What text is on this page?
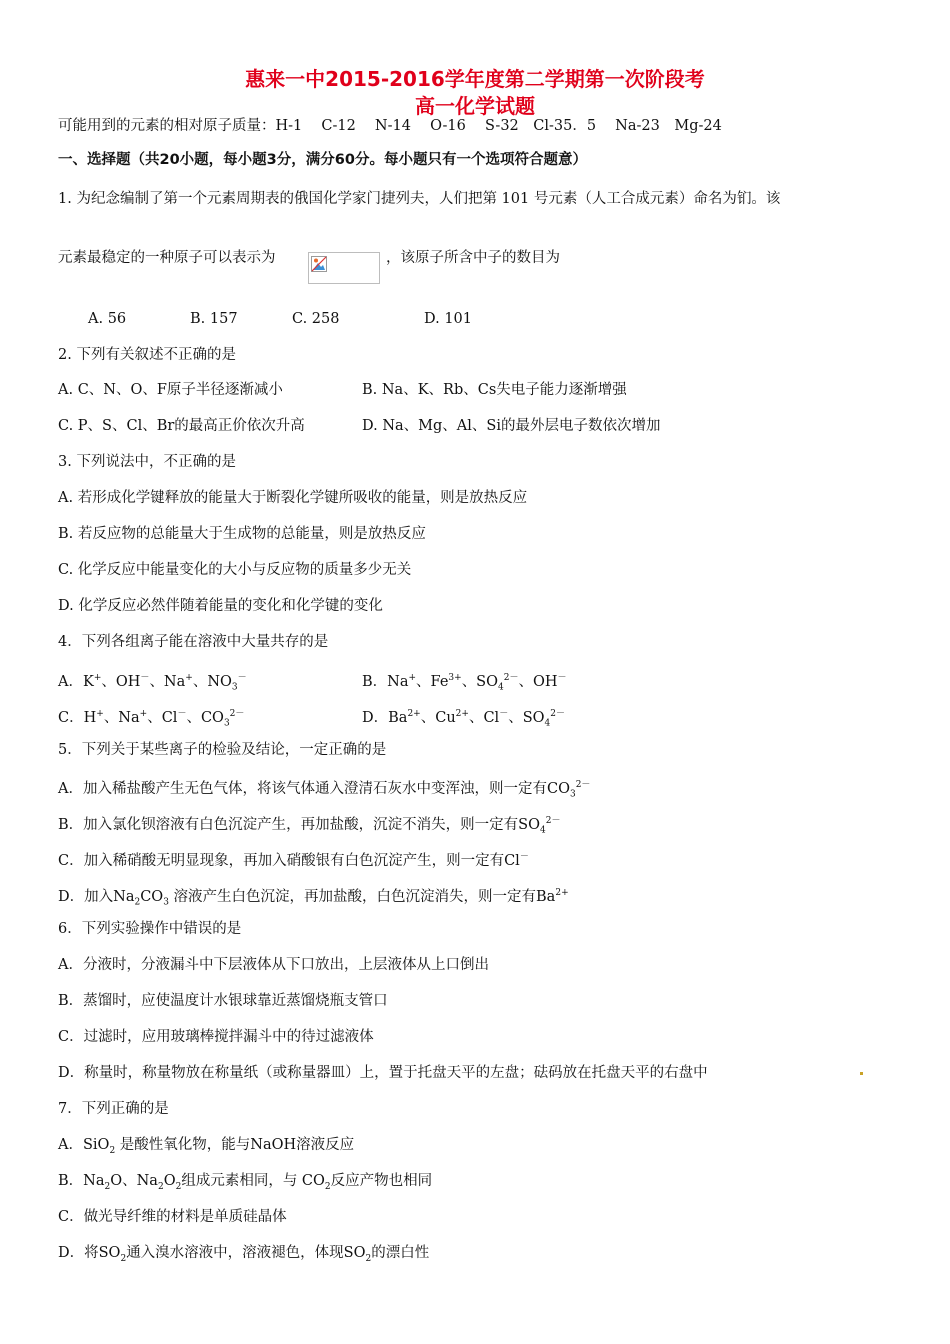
惠来一中2015-2016学年度第二学期第一次阶段考
高一化学试题
可能用到的元素的相对原子质量：H-1　 C-12　 N-14　 O-16　 S-32　Cl-35．5　 Na-23　Mg-24
一、选择题（共20小题，每小题3分，满分60分。每小题只有一个选项符合题意）
1. 为纪念编制了第一个元素周期表的俄国化学家门捷列夫，人们把第 101 号元素（人工合成元素）命名为钔。该
元素最稳定的一种原子可以表示为	，该原子所含中子的数目为
A. 56	B. 157	C. 258	D. 101
2. 下列有关叙述不正确的是
A. C、N、O、F原子半径逐渐减小	B. Na、K、Rb、Cs失电子能力逐渐增强
C. P、S、Cl、Br的最高正价依次升高	D. Na、Mg、Al、Si的最外层电子数依次增加
3. 下列说法中，不正确的是
A. 若形成化学键释放的能量大于断裂化学键所吸收的能量，则是放热反应
B. 若反应物的总能量大于生成物的总能量，则是放热反应
C. 化学反应中能量变化的大小与反应物的质量多少无关
D. 化学反应必然伴随着能量的变化和化学键的变化
4．下列各组离子能在溶液中大量共存的是
A．K+、OH－、Na+、$NO_3^-$	B．Na+、$Fe^{3+}$、$SO_4^{2-}$、OH－
C．H+、Na+、Cl－、$CO_3^{2-}$	D．$Ba^{2+}$、$Cu^{2+}$、Cl－、$SO_4^{2-}$
5．下列关于某些离子的检验及结论，一定正确的是
A．加入稀盐酸产生无色气体，将该气体通入澄清石灰水中变浑浊，则一定有$CO_3^{2-}$
B．加入氯化钡溶液有白色沉淀产生，再加盐酸，沉淀不消失，则一定有$SO_4^{2-}$
C．加入稀硝酸无明显现象，再加入硝酸银有白色沉淀产生，则一定有Cl－
D．加入$Na_2CO_3$ 溶液产生白色沉淀，再加盐酸，白色沉淀消失，则一定有$Ba^{2+}$
6．下列实验操作中错误的是
A．分液时，分液漏斗中下层液体从下口放出，上层液体从上口倒出
B．蒸馏时，应使温度计水银球靠近蒸馏烧瓶支管口
C．过滤时，应用玻璃棒搅拌漏斗中的待过滤液体
D．称量时，称量物放在称量纸（或称量器皿）上，置于托盘天平的左盘；砝码放在托盘天平的右盘中
7．下列正确的是
A．SiO$_2$ 是酸性氧化物，能与NaOH溶液反应
B．$Na_2O$、$Na_2O_2$组成元素相同，与 $CO_2$反应产物也相同
C．做光导纤维的材料是单质硅晶体
D．将$SO_2$通入溴水溶液中，溶液褪色，体现$SO_2$的漂白性
